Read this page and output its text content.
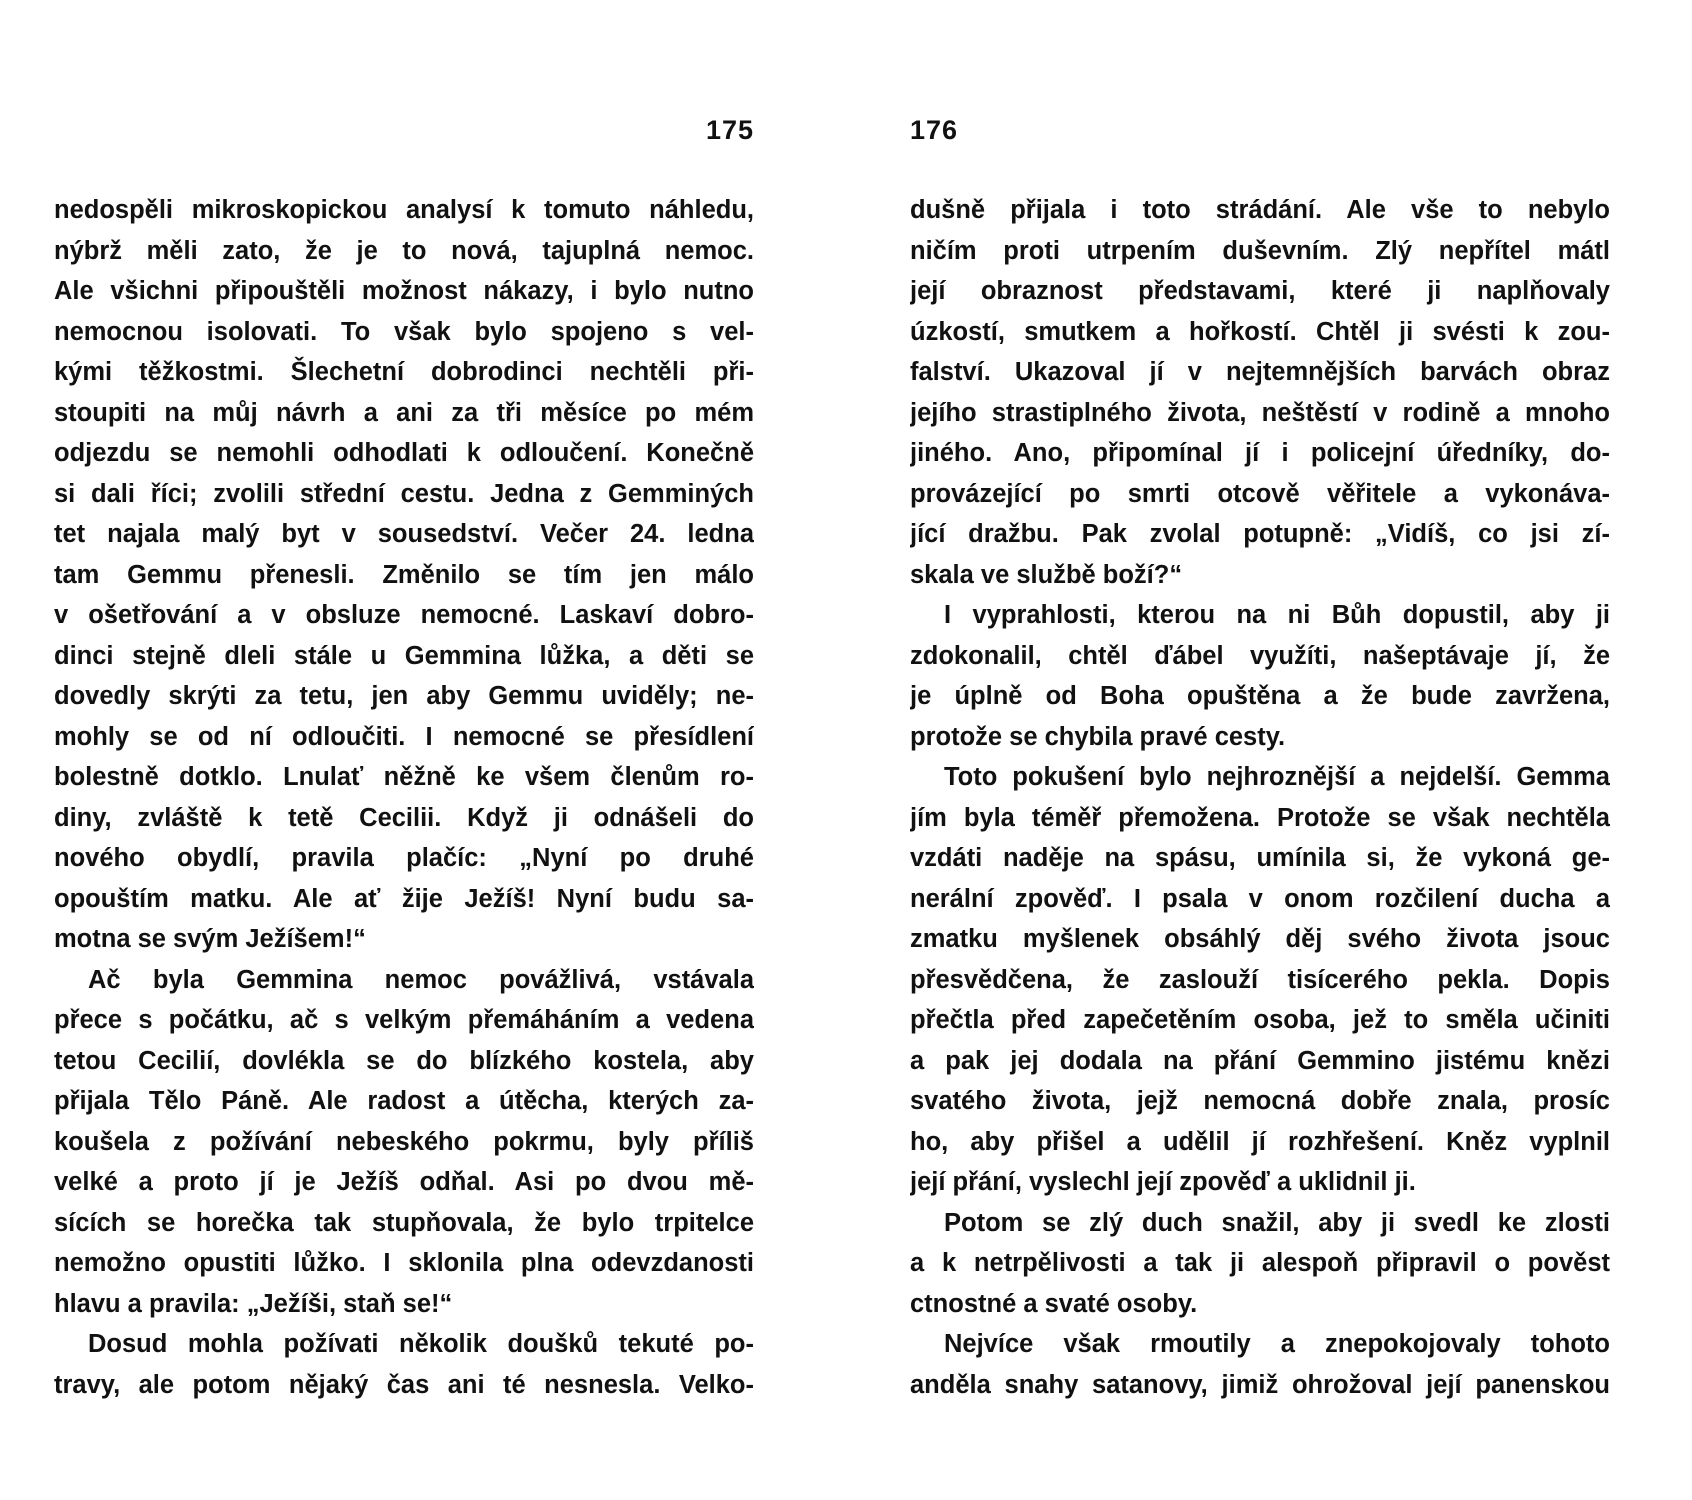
175
nedospěli mikroskopickou analysí k tomuto náhledu,
nýbrž měli zato, že je to nová, tajuplná nemoc.
Ale všichni připouštěli možnost nákazy, i bylo nutno
nemocnou isolovati. To však bylo spojeno s vel-
kými těžkostmi. Šlechetní dobrodinci nechtěli při-
stoupiti na můj návrh a ani za tři měsíce po mém
odjezdu se nemohli odhodlati k odloučení. Konečně
si dali říci; zvolili střední cestu. Jedna z Gemminých
tet najala malý byt v sousedství. Večer 24. ledna
tam Gemmu přenesli. Změnilo se tím jen málo
v ošetřování a v obsluze nemocné. Laskaví dobro-
dinci stejně dleli stále u Gemmina lůžka, a děti se
dovedly skrýti za tetu, jen aby Gemmu uviděly; ne-
mohly se od ní odloučiti. I nemocné se přesídlení
bolestně dotklo. Lnulať něžně ke všem členům ro-
diny, zvláště k tetě Cecilii. Když ji odnášeli do
nového obydlí, pravila plačíc: „Nyní po druhé
opouštím matku. Ale ať žije Ježíš! Nyní budu sa-
motna se svým Ježíšem!“
Ač byla Gemmina nemoc povážlivá, vstávala
přece s počátku, ač s velkým přemáháním a vedena
tetou Cecilií, dovlékla se do blízkého kostela, aby
přijala Tělo Páně. Ale radost a útěcha, kterých za-
koušela z požívání nebeského pokrmu, byly příliš
velké a proto jí je Ježíš odňal. Asi po dvou mě-
sících se horečka tak stupňovala, že bylo trpitelce
nemožno opustiti lůžko. I sklonila plna odevzdanosti
hlavu a pravila: „Ježíši, staň se!“
Dosud mohla požívati několik doušků tekuté po-
travy, ale potom nějaký čas ani té nesnesla. Velko-
176
dušně přijala i toto strádání. Ale vše to nebylo
ničím proti utrpením duševním. Zlý nepřítel mátl
její obraznost představami, které ji naplňovaly
úzkostí, smutkem a hořkostí. Chtěl ji svésti k zou-
falství. Ukazoval jí v nejtemnějších barvách obraz
jejího strastiplného života, neštěstí v rodině a mnoho
jiného. Ano, připomínal jí i policejní úředníky, do-
provázející po smrti otcově věřitele a vykonáva-
jící dražbu. Pak zvolal potupně: „Vidíš, co jsi zí-
skala ve službě boží?“
I vyprahlosti, kterou na ni Bůh dopustil, aby ji
zdokonalil, chtěl ďábel využíti, našeptávaje jí, že
je úplně od Boha opuštěna a že bude zavržena,
protože se chybila pravé cesty.
Toto pokušení bylo nejhroznější a nejdelší. Gemma
jím byla téměř přemožena. Protože se však nechtěla
vzdáti naděje na spásu, umínila si, že vykoná ge-
nerální zpověď. I psala v onom rozčilení ducha a
zmatku myšlenek obsáhlý děj svého života jsouc
přesvědčena, že zaslouží tisícerého pekla. Dopis
přečtla před zapečetěním osoba, jež to směla učiniti
a pak jej dodala na přání Gemmino jistému knězi
svatého života, jejž nemocná dobře znala, prosíc
ho, aby přišel a udělil jí rozhřešení. Kněz vyplnil
její přání, vyslechl její zpověď a uklidnil ji.
Potom se zlý duch snažil, aby ji svedl ke zlosti
a k netrpělivosti a tak ji alespoň připravil o pověst
ctnostné a svaté osoby.
Nejvíce však rmoutily a znepokojovaly tohoto
anděla snahy satanovy, jimiž ohrožoval její panenskou
